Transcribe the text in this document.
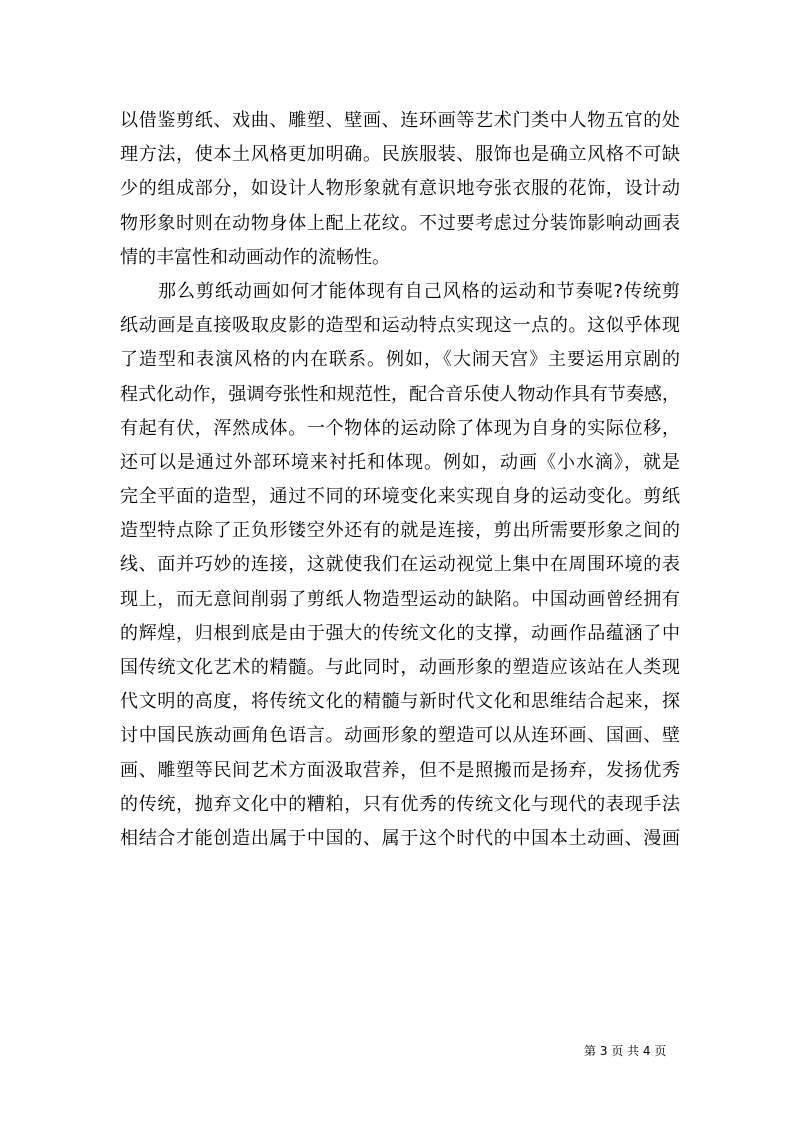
以借鉴剪纸、戏曲、雕塑、壁画、连环画等艺术门类中人物五官的处
理方法，使本土风格更加明确。民族服装、服饰也是确立风格不可缺
少的组成部分，如设计人物形象就有意识地夸张衣服的花饰，设计动
物形象时则在动物身体上配上花纹。不过要考虑过分装饰影响动画表
情的丰富性和动画动作的流畅性。
那么剪纸动画如何才能体现有自己风格的运动和节奏呢?传统剪
纸动画是直接吸取皮影的造型和运动特点实现这一点的。这似乎体现
了造型和表演风格的内在联系。例如，《大闹天宫》主要运用京剧的
程式化动作，强调夸张性和规范性，配合音乐使人物动作具有节奏感，
有起有伏，浑然成体。一个物体的运动除了体现为自身的实际位移，
还可以是通过外部环境来衬托和体现。例如，动画《小水滴》，就是
完全平面的造型，通过不同的环境变化来实现自身的运动变化。剪纸
造型特点除了正负形镂空外还有的就是连接，剪出所需要形象之间的
线、面并巧妙的连接，这就使我们在运动视觉上集中在周围环境的表
现上，而无意间削弱了剪纸人物造型运动的缺陷。中国动画曾经拥有
的辉煌，归根到底是由于强大的传统文化的支撑，动画作品蕴涵了中
国传统文化艺术的精髓。与此同时，动画形象的塑造应该站在人类现
代文明的高度，将传统文化的精髓与新时代文化和思维结合起来，探
讨中国民族动画角色语言。动画形象的塑造可以从连环画、国画、壁
画、雕塑等民间艺术方面汲取营养，但不是照搬而是扬弃，发扬优秀
的传统，抛弃文化中的糟粕，只有优秀的传统文化与现代的表现手法
相结合才能创造出属于中国的、属于这个时代的中国本土动画、漫画
第 3 页 共 4 页
